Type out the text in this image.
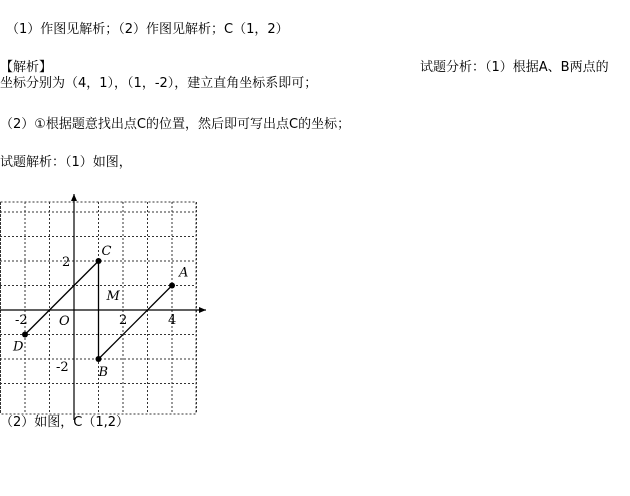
（1）作图见解析；（2）作图见解析；C（1，2）
【解析】	试题分析：（1）根据A、B两点的
坐标分别为（4，1），（1，-2），建立直角坐标系即可；
（2）①根据题意找出点C的位置，然后即可写出点C的坐标；
试题解析：（1）如图，
A
B
C
D
M
-2	2	4
2
-2
O
（2）如图，C（1,2）
